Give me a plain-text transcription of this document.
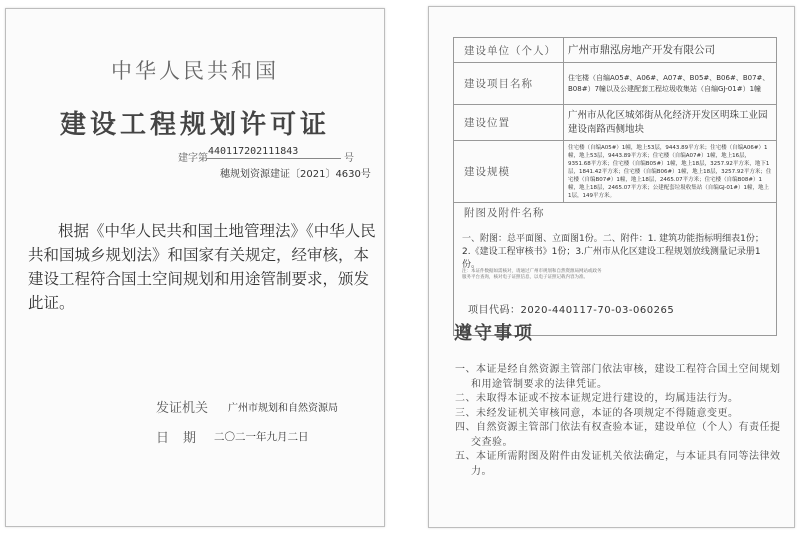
中华人民共和国
建设工程规划许可证
建字第
440117202111843
号
穗规划资源建证〔2021〕4630号
根据《中华人民共和国土地管理法》《中华人民共和国城乡规划法》和国家有关规定，经审核，本建设工程符合国土空间规划和用途管制要求，颁发此证。
发证机关 广州市规划和自然资源局
日期 二〇二一年九月二日
建设单位（个人）	广州市鼎泓房地产开发有限公司
建设项目名称	住宅楼（自编A05#、A06#、A07#、B05#、B06#、B07#、B08#）7幢以及公建配套工程垃圾收集站（自编GJ-01#）1幢
建设位置	广州市从化区城郊街从化经济开发区明珠工业园建设南路西侧地块
建设规模	住宅楼（自编A05#）1幢，地上53层，9443.89平方米；住宅楼（自编A06#）1幢，地上53层，9443.89平方米；住宅楼（自编A07#）1幢，地上16层，9351.68平方米；住宅楼（自编B05#）1幢，地上18层，3257.92平方米，地下1层，1841.42平方米；住宅楼（自编B06#）1幢，地上18层，3257.92平方米；住宅楼（自编B07#）1幢，地上18层，2465.07平方米；住宅楼（自编B08#）1幢，地上18层，2465.07平方米；公建配套垃圾收集站（自编GJ-01#）1幢，地上1层，149平方米。

附图及附件名称
一、附图：总平面图、立面图1份。二、附件：1. 建筑功能指标明细表1份；2.《建设工程审核书》1份；3.广州市从化区建设工程规划放线测量记录册1份。
注：本证件数据如需核对，请通过广州市规划和自然资源局网站或政务服务平台查询，核对电子证照信息，以电子证照记载内容为准。	
项目代码：2020-440117-70-03-060265
遵守事项
一、本证是经自然资源主管部门依法审核，建设工程符合国土空间规划和用途管制要求的法律凭证。
二、未取得本证或不按本证规定进行建设的，均属违法行为。
三、未经发证机关审核同意，本证的各项规定不得随意变更。
四、自然资源主管部门依法有权查验本证，建设单位（个人）有责任提交查验。
五、本证所需附图及附件由发证机关依法确定，与本证具有同等法律效力。
